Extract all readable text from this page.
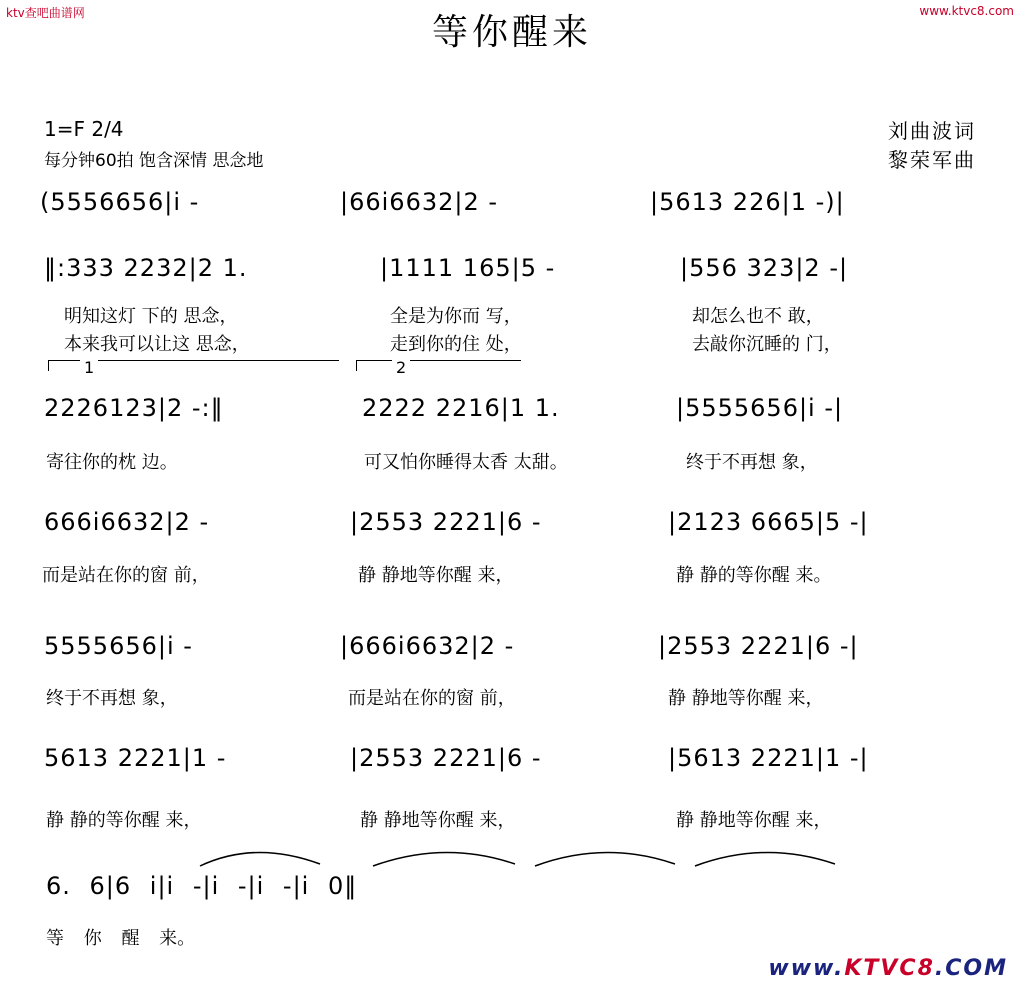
ktv查吧曲谱网	www.ktvc8.com
等你醒来
1=F 2/4
每分钟60拍 饱含深情 思念地
刘曲波词
黎荣军曲
(5556656|i -	|66i6632|2 -	|5613 226|1 -)|
‖:333 2232|2 1.	|1111 165|5 -	|556 323|2 -|
明知这灯 下的 思念，	全是为你而 写，	却怎么也不 敢，
本来我可以让这 思念，	走到你的住 处，	去敲你沉睡的 门，
1	2
2226123|2 -:‖	2222 2216|1 1.	|5555656|i -|
寄往你的枕 边。	可又怕你睡得太香 太甜。	终于不再想 象，
666i6632|2 -	|2553 2221|6 -	|2123 6665|5 -|
而是站在你的窗 前，	静 静地等你醒 来，	静 静的等你醒 来。
5555656|i -	|666i6632|2 -	|2553 2221|6 -|
终于不再想 象，	而是站在你的窗 前，	静 静地等你醒 来，
5613 2221|1 -	|2553 2221|6 -	|5613 2221|1 -|
静 静的等你醒 来，	静 静地等你醒 来，	静 静地等你醒 来，
6. 6|6 i|i -|i -|i -|i 0‖
等 你 醒 来。
www.KTVC8.COM
